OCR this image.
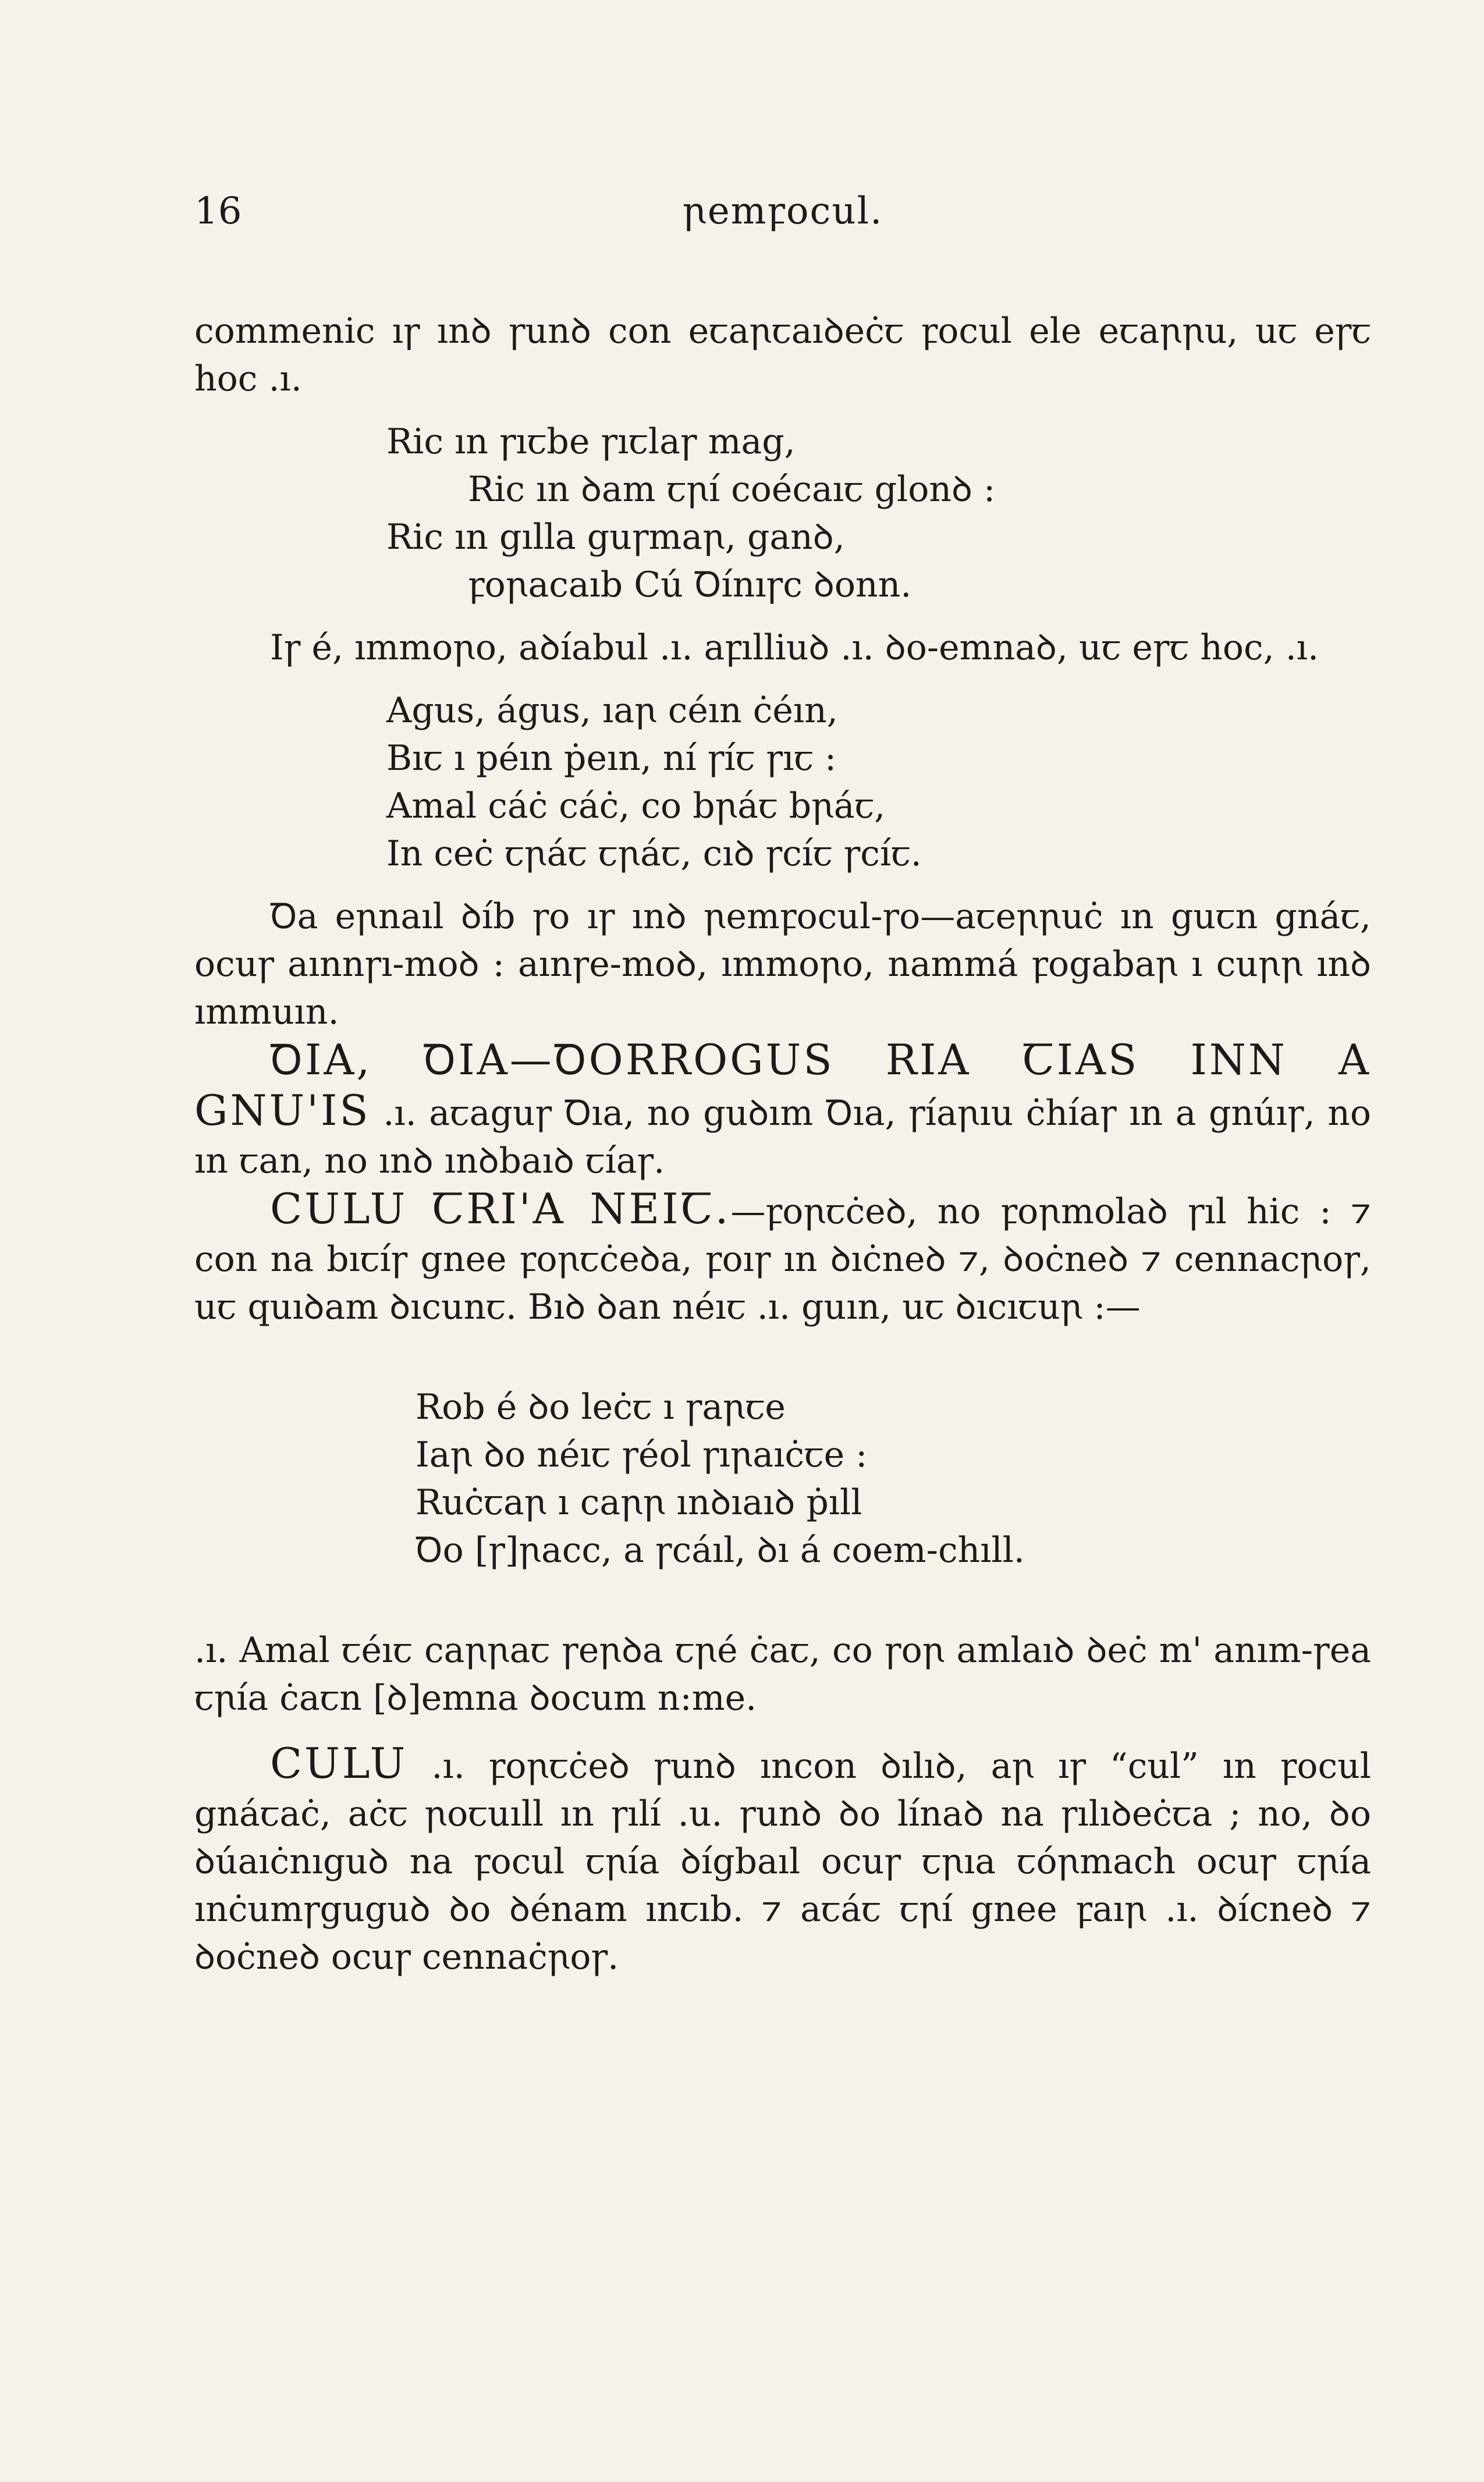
16	ꞃemꝼocul.

commenic ıꞅ ınꝺ ꞅunꝺ con eꞇaꞃꞇaıꝺeċꞇ ꝼocul ele eꞇaꞃꞃu, uꞇ eꞅꞇ hoc .ı.

Ric ın ꞅıꞇbe ꞅıꞇlaꞅ mag,
Ric ın ꝺam ꞇꞃí coécaıꞇ glonꝺ :
Ric ın gılla guꞅmaꞃ, ganꝺ,
ꝼoꞃacaıb Cú Ꝺínıꞅc ꝺonn.

Iꞅ é, ımmoꞃo, aꝺíabul .ı. aꝼılliuꝺ .ı. ꝺo-emnaꝺ, uꞇ eꞅꞇ hoc, .ı.

Agus, águs, ıaꞃ céın ċéın,
Bıꞇ ı péın ṗeın, ní ꞅíꞇ ꞅıꞇ :
Amal cáċ cáċ, co bꞃáꞇ bꞃáꞇ,
In ceċ ꞇꞃáꞇ ꞇꞃáꞇ, cıꝺ ꞅcíꞇ ꞅcíꞇ.

Ꝺa eꞃnaıl ꝺíb ꞅo ıꞅ ınꝺ ꞃemꝼocul-ꞅo—aꞇeꞃꞃuċ ın guꞇn gnáꞇ, ocuꞅ aınnꞅı-moꝺ : aınꞅe-moꝺ, ımmoꞃo, nammá ꝼogabaꞃ ı cuꞃꞃ ınꝺ ımmuın.

ꝹIA, ꝹIA—ꝹORROGUS RIA ꞆIAS INN A GNU'IS .ı. aꞇaguꞅ Ꝺıa, no guꝺım Ꝺıa, ꞅíaꞃıu ċhíaꞅ ın a gnúıꞅ, no ın ꞇan, no ınꝺ ınꝺbaıꝺ ꞇíaꞅ.

CULU ꞆRI'A NEIꞆ.—ꝼoꞃꞇċeꝺ, no ꝼoꞃmolaꝺ ꞅıl hic : ⁊ con na bıꞇíꞅ gnee ꝼoꞃꞇċeꝺa, ꝼoıꞅ ın ꝺıċneꝺ ⁊, ꝺoċneꝺ ⁊ cennacꞃoꞅ, uꞇ quıꝺam ꝺıcunꞇ. Bıꝺ ꝺan néıꞇ .ı. guın, uꞇ ꝺıcıꞇuꞃ :—

Rob é ꝺo leċꞇ ı ꞅaꞃꞇe
Iaꞃ ꝺo néıꞇ ꞅéol ꞅıꞃaıċꞇe :
Ruċꞇaꞃ ı caꞃꞃ ınꝺıaıꝺ ṗıll
Ꝺo [ꞅ]ꞃacc, a ꞅcáıl, ꝺı á coem-chıll.

.ı. Amal ꞇéıꞇ caꞃꞃaꞇ ꞅeꞃꝺa ꞇꞃé ċaꞇ, co ꞅoꞃ amlaıꝺ ꝺeċ m' anım-ꞅea ꞇꞃía ċaꞇn [ꝺ]emna ꝺocum n:me.

CULU .ı. ꝼoꞃꞇċeꝺ ꞅunꝺ ıncon ꝺılıꝺ, aꞃ ıꞅ “cul” ın ꝼocul gnáꞇaċ, aċꞇ ꞃoꞇuıll ın ꞅılí .u. ꞅunꝺ ꝺo línaꝺ na ꞅılıꝺeċꞇa ; no, ꝺo ꝺúaıċnıguꝺ na ꝼocul ꞇꞃía ꝺígbaıl ocuꞅ ꞇꞃıa ꞇóꞃmach ocuꞅ ꞇꞃía ınċumꞅguguꝺ ꝺo ꝺénam ınꞇıb. ⁊ aꞇáꞇ ꞇꞃí gnee ꝼaıꞃ .ı. ꝺícneꝺ ⁊ ꝺoċneꝺ ocuꞅ cennaċꞃoꞅ.
